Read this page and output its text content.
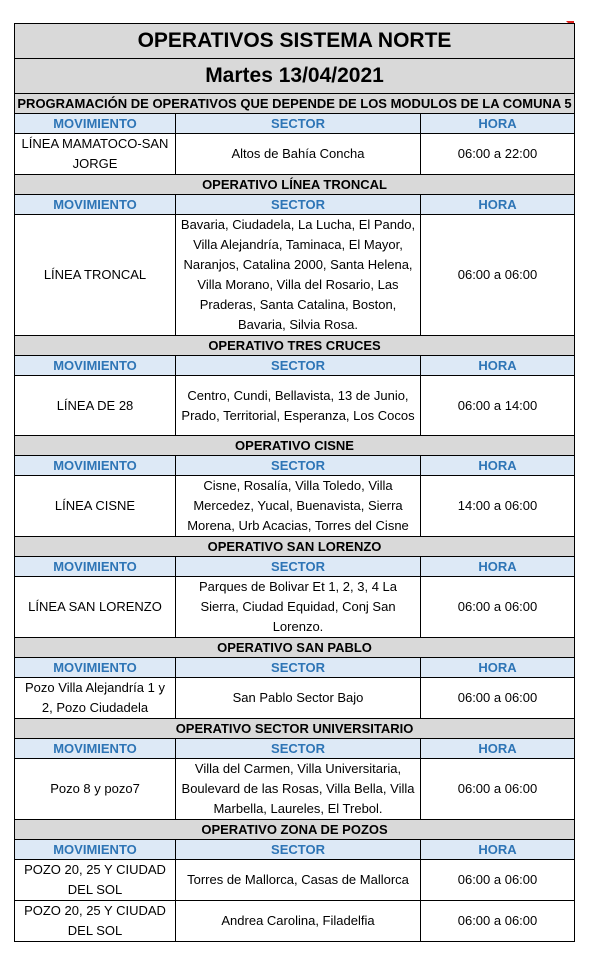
OPERATIVOS SISTEMA NORTE		
Martes 13/04/2021		
PROGRAMACIÓN DE OPERATIVOS QUE DEPENDE DE LOS MODULOS DE LA COMUNA 5		
MOVIMIENTO	SECTOR	HORA
LÍNEA MAMATOCO-SAN JORGE	Altos de Bahía Concha	06:00 a 22:00
OPERATIVO LÍNEA TRONCAL		
MOVIMIENTO	SECTOR	HORA
LÍNEA TRONCAL	Bavaria, Ciudadela, La Lucha, El Pando, Villa Alejandría, Taminaca, El Mayor, Naranjos, Catalina 2000, Santa Helena, Villa Morano, Villa del Rosario, Las Praderas, Santa Catalina, Boston, Bavaria, Silvia Rosa.	06:00 a 06:00
OPERATIVO TRES CRUCES		
MOVIMIENTO	SECTOR	HORA
LÍNEA DE 28	Centro, Cundi, Bellavista, 13 de Junio, Prado, Territorial, Esperanza, Los Cocos	06:00 a 14:00
OPERATIVO CISNE		
MOVIMIENTO	SECTOR	HORA
LÍNEA CISNE	Cisne, Rosalía, Villa Toledo, Villa Mercedez, Yucal, Buenavista, Sierra Morena, Urb Acacias, Torres del Cisne	14:00 a 06:00
OPERATIVO SAN LORENZO		
MOVIMIENTO	SECTOR	HORA
LÍNEA SAN LORENZO	Parques de Bolivar Et 1, 2, 3, 4 La Sierra, Ciudad Equidad, Conj San Lorenzo.	06:00 a 06:00
OPERATIVO SAN PABLO		
MOVIMIENTO	SECTOR	HORA
Pozo Villa Alejandría 1 y 2, Pozo Ciudadela	San Pablo Sector Bajo	06:00 a 06:00
OPERATIVO SECTOR UNIVERSITARIO		
MOVIMIENTO	SECTOR	HORA
Pozo 8 y pozo7	Villa del Carmen, Villa Universitaria, Boulevard de las Rosas, Villa Bella, Villa Marbella, Laureles, El Trebol.	06:00 a 06:00
OPERATIVO ZONA DE POZOS		
MOVIMIENTO	SECTOR	HORA
POZO 20, 25 Y CIUDAD DEL SOL	Torres de Mallorca, Casas de Mallorca	06:00 a 06:00
POZO 20, 25 Y CIUDAD DEL SOL	Andrea Carolina, Filadelfia	06:00 a 06:00
